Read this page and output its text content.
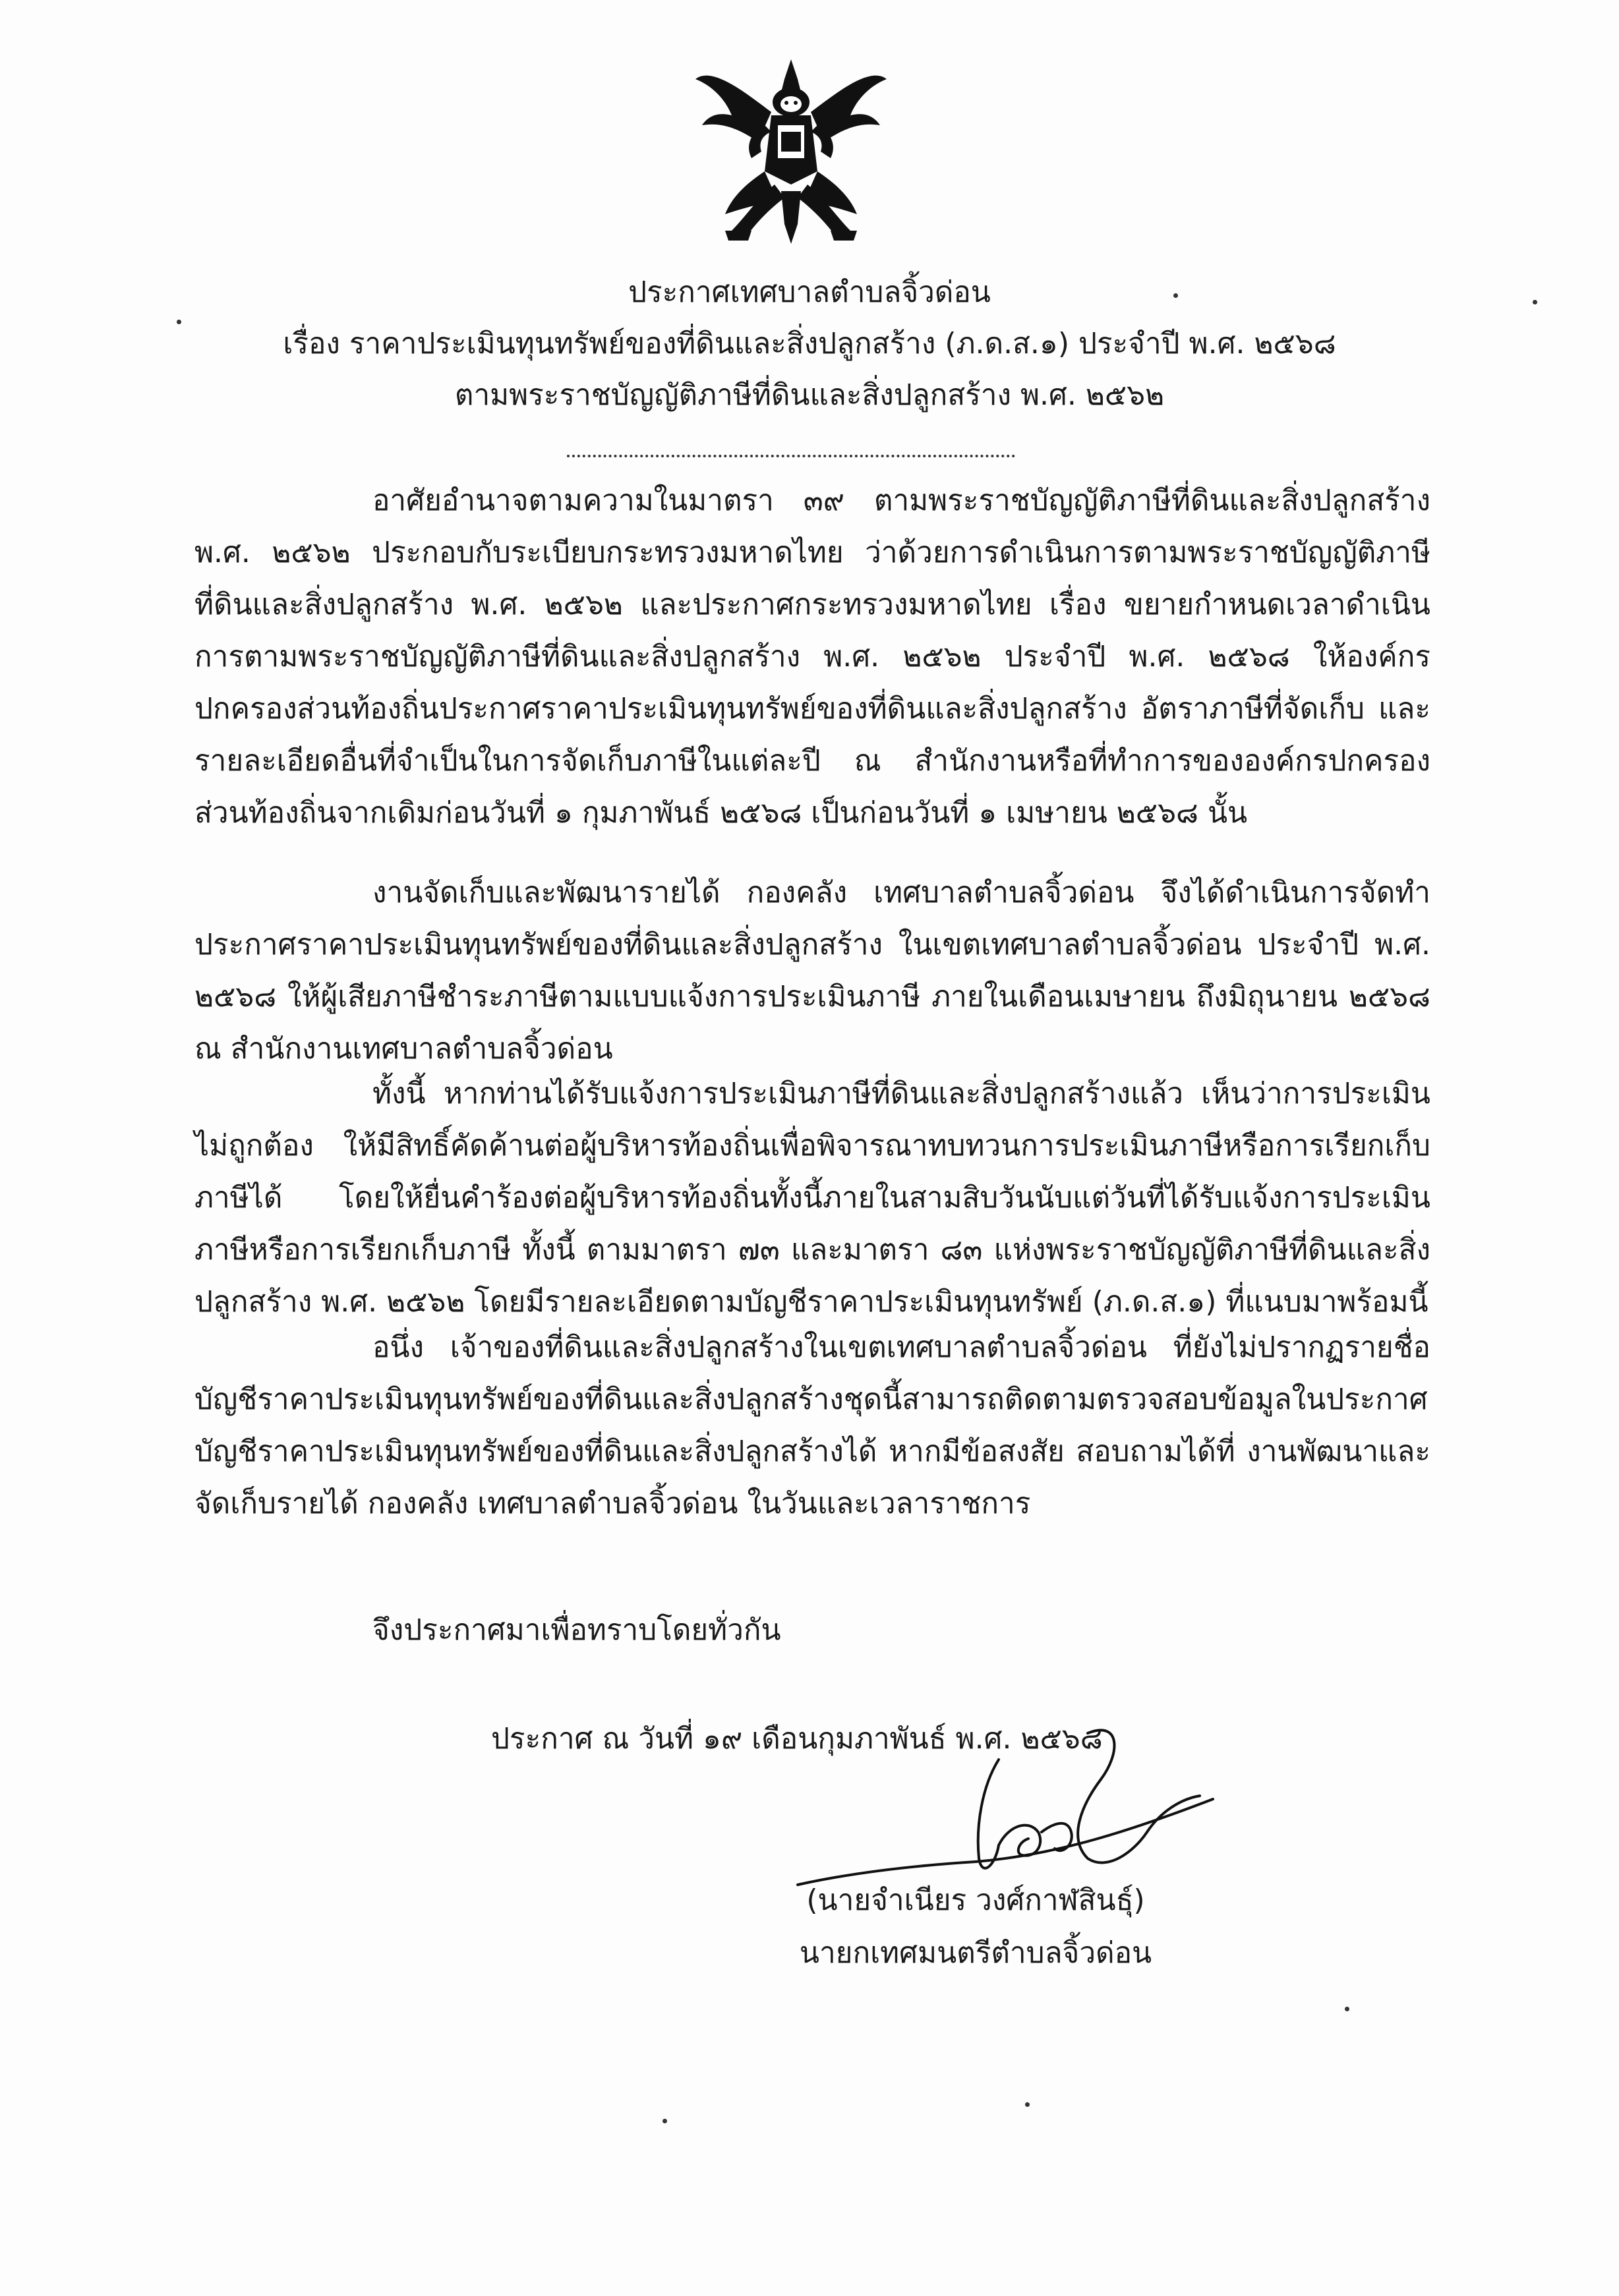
ประกาศเทศบาลตำบลจิ้วด่อน
เรื่อง ราคาประเมินทุนทรัพย์ของที่ดินและสิ่งปลูกสร้าง (ภ.ด.ส.๑) ประจำปี พ.ศ. ๒๕๖๘
ตามพระราชบัญญัติภาษีที่ดินและสิ่งปลูกสร้าง พ.ศ. ๒๕๖๒
อาศัยอำนาจตามความในมาตรา ๓๙ ตามพระราชบัญญัติภาษีที่ดินและสิ่งปลูกสร้าง พ.ศ. ๒๕๖๒ ประกอบกับระเบียบกระทรวงมหาดไทย ว่าด้วยการดำเนินการตามพระราชบัญญัติภาษีที่ดินและสิ่งปลูกสร้าง พ.ศ. ๒๕๖๒ และประกาศกระทรวงมหาดไทย เรื่อง ขยายกำหนดเวลาดำเนินการตามพระราชบัญญัติภาษีที่ดินและสิ่งปลูกสร้าง พ.ศ. ๒๕๖๒ ประจำปี พ.ศ. ๒๕๖๘ ให้องค์กรปกครองส่วนท้องถิ่นประกาศราคาประเมินทุนทรัพย์ของที่ดินและสิ่งปลูกสร้าง อัตราภาษีที่จัดเก็บ และรายละเอียดอื่นที่จำเป็นในการจัดเก็บภาษีในแต่ละปี ณ สำนักงานหรือที่ทำการขององค์กรปกครองส่วนท้องถิ่นจากเดิมก่อนวันที่ ๑ กุมภาพันธ์ ๒๕๖๘ เป็นก่อนวันที่ ๑ เมษายน ๒๕๖๘ นั้น
งานจัดเก็บและพัฒนารายได้ กองคลัง เทศบาลตำบลจิ้วด่อน จึงได้ดำเนินการจัดทำประกาศราคาประเมินทุนทรัพย์ของที่ดินและสิ่งปลูกสร้าง ในเขตเทศบาลตำบลจิ้วด่อน ประจำปี พ.ศ. ๒๕๖๘ ให้ผู้เสียภาษีชำระภาษีตามแบบแจ้งการประเมินภาษี ภายในเดือนเมษายน ถึงมิถุนายน ๒๕๖๘ ณ สำนักงานเทศบาลตำบลจิ้วด่อน
ทั้งนี้ หากท่านได้รับแจ้งการประเมินภาษีที่ดินและสิ่งปลูกสร้างแล้ว เห็นว่าการประเมินไม่ถูกต้อง ให้มีสิทธิ์คัดค้านต่อผู้บริหารท้องถิ่นเพื่อพิจารณาทบทวนการประเมินภาษีหรือการเรียกเก็บภาษีได้ โดยให้ยื่นคำร้องต่อผู้บริหารท้องถิ่นทั้งนี้ภายในสามสิบวันนับแต่วันที่ได้รับแจ้งการประเมินภาษีหรือการเรียกเก็บภาษี ทั้งนี้ ตามมาตรา ๗๓ และมาตรา ๘๓ แห่งพระราชบัญญัติภาษีที่ดินและสิ่งปลูกสร้าง พ.ศ. ๒๕๖๒ โดยมีรายละเอียดตามบัญชีราคาประเมินทุนทรัพย์ (ภ.ด.ส.๑) ที่แนบมาพร้อมนี้
อนึ่ง เจ้าของที่ดินและสิ่งปลูกสร้างในเขตเทศบาลตำบลจิ้วด่อน ที่ยังไม่ปรากฏรายชื่อบัญชีราคาประเมินทุนทรัพย์ของที่ดินและสิ่งปลูกสร้างชุดนี้สามารถติดตามตรวจสอบข้อมูลในประกาศบัญชีราคาประเมินทุนทรัพย์ของที่ดินและสิ่งปลูกสร้างได้ หากมีข้อสงสัย สอบถามได้ที่ งานพัฒนาและจัดเก็บรายได้ กองคลัง เทศบาลตำบลจิ้วด่อน ในวันและเวลาราชการ
จึงประกาศมาเพื่อทราบโดยทั่วกัน
ประกาศ ณ วันที่ ๑๙ เดือนกุมภาพันธ์ พ.ศ. ๒๕๖๘
(นายจำเนียร วงศ์กาฬสินธุ์)
นายกเทศมนตรีตำบลจิ้วด่อน
